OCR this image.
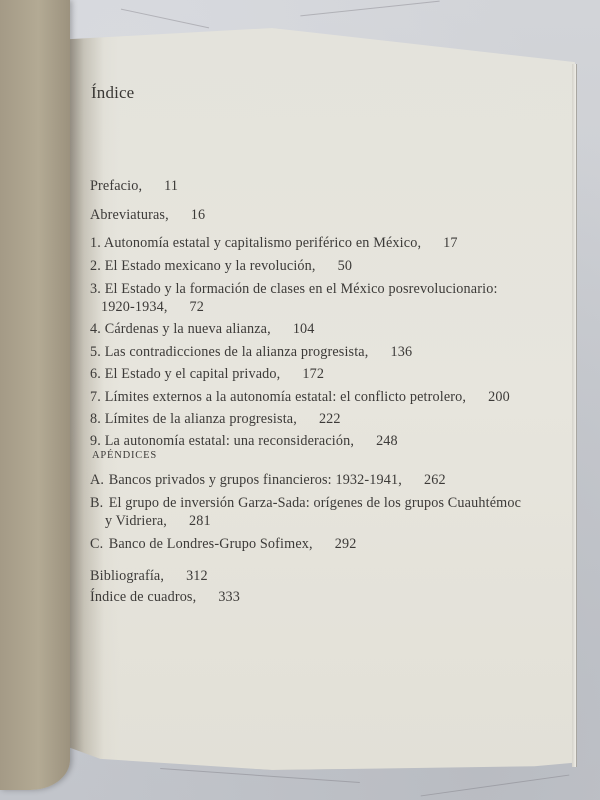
Índice
Prefacio, 11
Abreviaturas, 16
1. Autonomía estatal y capitalismo periférico en México, 17
2. El Estado mexicano y la revolución, 50
3. El Estado y la formación de clases en el México posrevolucionario:
1920-1934, 72
4. Cárdenas y la nueva alianza, 104
5. Las contradicciones de la alianza progresista, 136
6. El Estado y el capital privado, 172
7. Límites externos a la autonomía estatal: el conflicto petrolero, 200
8. Límites de la alianza progresista, 222
9. La autonomía estatal: una reconsideración, 248
APÉNDICES
A. Bancos privados y grupos financieros: 1932-1941, 262
B. El grupo de inversión Garza-Sada: orígenes de los grupos Cuauhtémoc
y Vidriera, 281
C. Banco de Londres-Grupo Sofimex, 292
Bibliografía, 312
Índice de cuadros, 333
